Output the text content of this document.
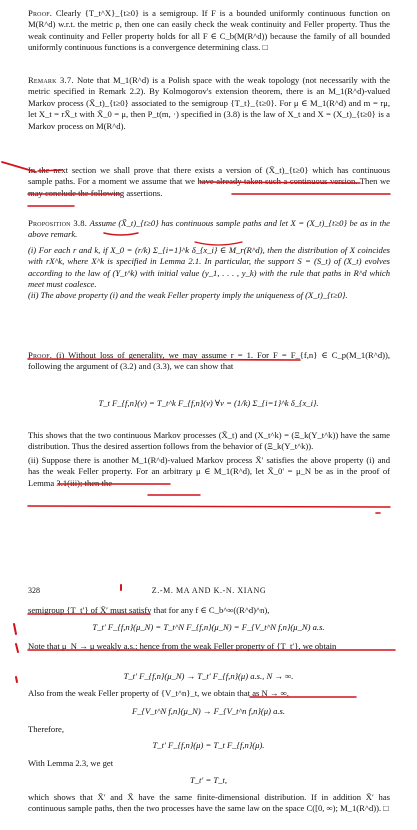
Proof. Clearly {T_t^X}_{t≥0} is a semigroup. If F is a bounded uniformly continuous function on M(R^d) w.r.t. the metric ρ, then one can easily check the weak continuity and Feller property. Thus the weak continuity and Feller property holds for all F ∈ C_b(M(R^d)) because the family of all bounded uniformly continuous functions is a convergence determining class. □

Remark 3.7. Note that M_1(R^d) is a Polish space with the weak topology (not necessarily with the metric specified in Remark 2.2). By Kolmogorov's extension theorem, there is an M_1(R^d)-valued Markov process (X̄_t)_{t≥0} associated to the semigroup {T_t}_{t≥0}. For μ ∈ M_1(R^d) and m = rμ, let X_t = rX̄_t with X̄_0 = μ, then P_t(m, ·) specified in (3.8) is the law of X_t and X = (X_t)_{t≥0} is a Markov process on M(R^d).

In the next section we shall prove that there exists a version of (X̄_t)_{t≥0} which has continuous sample paths. For a moment we assume that we have already taken such a continuous version. Then we may conclude the following assertions.

Proposition 3.8. Assume (X̄_t)_{t≥0} has continuous sample paths and let X = (X_t)_{t≥0} be as in the above remark.

(i) For each r and k, if X_0 = (r/k) Σ_{i=1}^k δ_{x_i} ∈ M_r(R^d), then the distribution of X coincides with rX^k, where X^k is specified in Lemma 2.1. In particular, the support S = (S_t) of (X_t) evolves according to the law of (Y_t^k) with initial value (y_1, . . . , y_k) with the rule that paths in R^d which meet must coalesce.

(ii) The above property (i) and the weak Feller property imply the uniqueness of (X_t)_{t≥0}.

Proof. (i) Without loss of generality, we may assume r = 1. For F = F_{f,n} ∈ C_p(M_1(R^d)), following the argument of (3.2) and (3.3), we can show that

T_t F_{f,n}(ν) = T_t^k F_{f,n}(ν) ∀ν = (1/k) Σ_{i=1}^k δ_{x_i}.

This shows that the two continuous Markov processes (X̄_t) and (X_t^k) = (Ξ_k(Y_t^k)) have the same distribution. Thus the desired assertion follows from the behavior of (Ξ_k(Y_t^k)).

(ii) Suppose there is another M_1(R^d)-valued Markov process X̄′ satisfies the above property (i) and has the weak Feller property. For an arbitrary μ ∈ M_1(R^d), let X̄_0′ = μ_N be as in the proof of Lemma 3.1(iii); then the

Z.-M. MA AND K.-N. XIANG
328

semigroup {T_t′} of X̄′ must satisfy that for any f ∈ C_b^∞((R^d)^n),

T_t′ F_{f,n}(μ_N) = T_t^N F_{f,n}(μ_N) = F_{V_t^N f,n}(μ_N) a.s.

Note that μ_N → μ weakly a.s.; hence from the weak Feller property of {T_t′}, we obtain

T_t′ F_{f,n}(μ_N) → T_t′ F_{f,n}(μ) a.s., N → ∞.

Also from the weak Feller property of {V_t^n}_t, we obtain that as N → ∞,

F_{V_t^N f,n}(μ_N) → F_{V_t^n f,n}(μ) a.s.

Therefore,

T_t′ F_{f,n}(μ) = T_t F_{f,n}(μ).

With Lemma 2.3, we get

T_t′ = T_t,

which shows that X̄′ and X̄ have the same finite-dimensional distribution. If in addition X̄′ has continuous sample paths, then the two processes have the same law on the space C([0, ∞); M_1(R^d)). □
